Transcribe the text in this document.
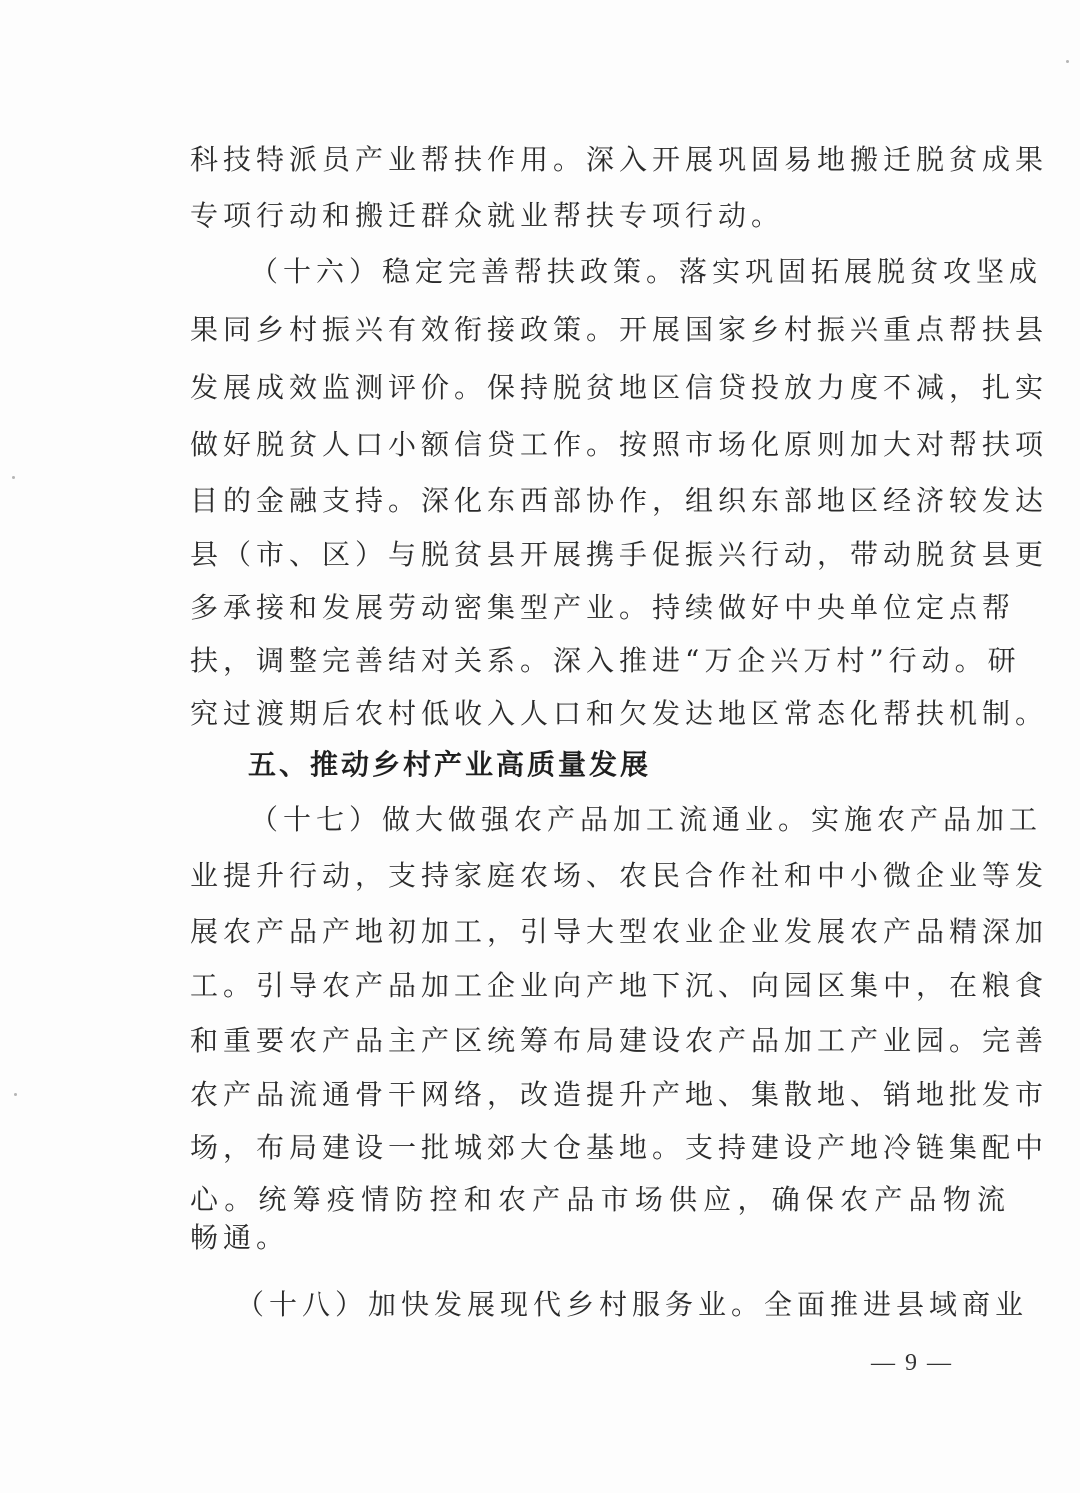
科技特派员产业帮扶作用。深入开展巩固易地搬迁脱贫成果
专项行动和搬迁群众就业帮扶专项行动。
（十六）稳定完善帮扶政策。落实巩固拓展脱贫攻坚成
果同乡村振兴有效衔接政策。开展国家乡村振兴重点帮扶县
发展成效监测评价。保持脱贫地区信贷投放力度不减，扎实
做好脱贫人口小额信贷工作。按照市场化原则加大对帮扶项
目的金融支持。深化东西部协作，组织东部地区经济较发达
县（市、区）与脱贫县开展携手促振兴行动，带动脱贫县更
多承接和发展劳动密集型产业。持续做好中央单位定点帮
扶，调整完善结对关系。深入推进“万企兴万村”行动。研
究过渡期后农村低收入人口和欠发达地区常态化帮扶机制。
五、推动乡村产业高质量发展
（十七）做大做强农产品加工流通业。实施农产品加工
业提升行动，支持家庭农场、农民合作社和中小微企业等发
展农产品产地初加工，引导大型农业企业发展农产品精深加
工。引导农产品加工企业向产地下沉、向园区集中，在粮食
和重要农产品主产区统筹布局建设农产品加工产业园。完善
农产品流通骨干网络，改造提升产地、集散地、销地批发市
场，布局建设一批城郊大仓基地。支持建设产地冷链集配中
心。统筹疫情防控和农产品市场供应，确保农产品物流
畅通。
（十八）加快发展现代乡村服务业。全面推进县域商业
— 9 —
